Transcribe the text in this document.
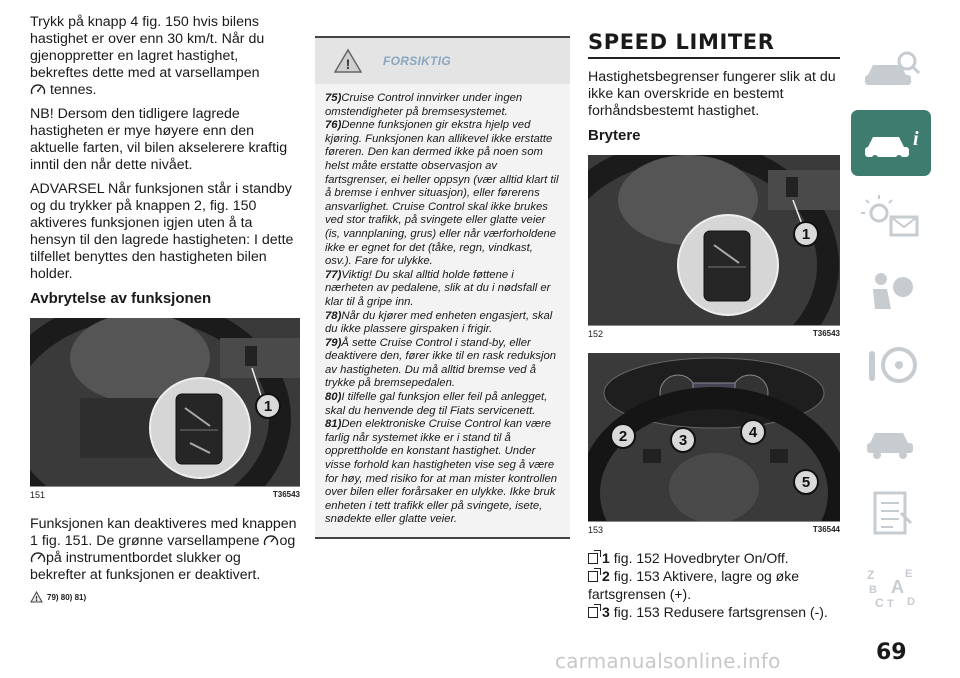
Trykk på knapp 4 fig. 150 hvis bilens hastighet er over enn 30 km/t. Når du gjenoppretter en lagret hastighet, bekreftes dette med at varsellampen
tennes.

NB! Dersom den tidligere lagrede hastigheten er mye høyere enn den aktuelle farten, vil bilen akselerere kraftig inntil den når dette nivået.

ADVARSEL Når funksjonen står i standby og du trykker på knappen 2, fig. 150 aktiveres funksjonen igjen uten å ta hensyn til den lagrede hastigheten: I dette tilfellet benyttes den hastigheten bilen holder.

Avbrytelse av funksjonen
1
151	T36543

Funksjonen kan deaktiveres med knappen 1 fig. 151. De grønne varsellampene ogpå instrumentbordet slukker og bekrefter at funksjonen er deaktivert.

! 79) 80) 81)
!	FORSIKTIG

75)Cruise Control innvirker under ingen omstendigheter på bremsesystemet.

76)Denne funksjonen gir ekstra hjelp ved kjøring. Funksjonen kan allikevel ikke erstatte føreren. Den kan dermed ikke på noen som helst måte erstatte observasjon av fartsgrenser, ei heller oppsyn (vær alltid klart til å bremse i enhver situasjon), eller førerens ansvarlighet. Cruise Control skal ikke brukes ved stor trafikk, på svingete eller glatte veier (is, vannplaning, grus) eller når værforholdene ikke er egnet for det (tåke, regn, vindkast, osv.). Fare for ulykke.

77)Viktig! Du skal alltid holde føttene i nærheten av pedalene, slik at du i nødsfall er klar til å gripe inn.

78)Når du kjører med enheten engasjert, skal du ikke plassere girspaken i frigir.

79)Å sette Cruise Control i stand-by, eller deaktivere den, fører ikke til en rask reduksjon av hastigheten. Du må alltid bremse ved å trykke på bremsepedalen.

80)I tilfelle gal funksjon eller feil på anlegget, skal du henvende deg til Fiats servicenett.

81)Den elektroniske Cruise Control kan være farlig når systemet ikke er i stand til å opprettholde en konstant hastighet. Under visse forhold kan hastigheten vise seg å være for høy, med risiko for at man mister kontrollen over bilen eller forårsaker en ulykke. Ikke bruk enheten i tett trafikk eller på svingete, isete, snødekte eller glatte veier.

SPEED LIMITER

Hastighetsbegrenser fungerer slik at du ikke kan overskride en bestemt forhåndsbestemt hastighet.

Brytere
1
152	T36543
888
2	3	4
5
153	T36544
1 fig. 152 Hovedbryter On/Off.
2 fig. 153 Aktivere, lagre og øke
fartsgrensen (+).
3 fig. 153 Redusere fartsgrensen (-).
i
Z	E
A
B
C T D
carmanualsonline.info	69
